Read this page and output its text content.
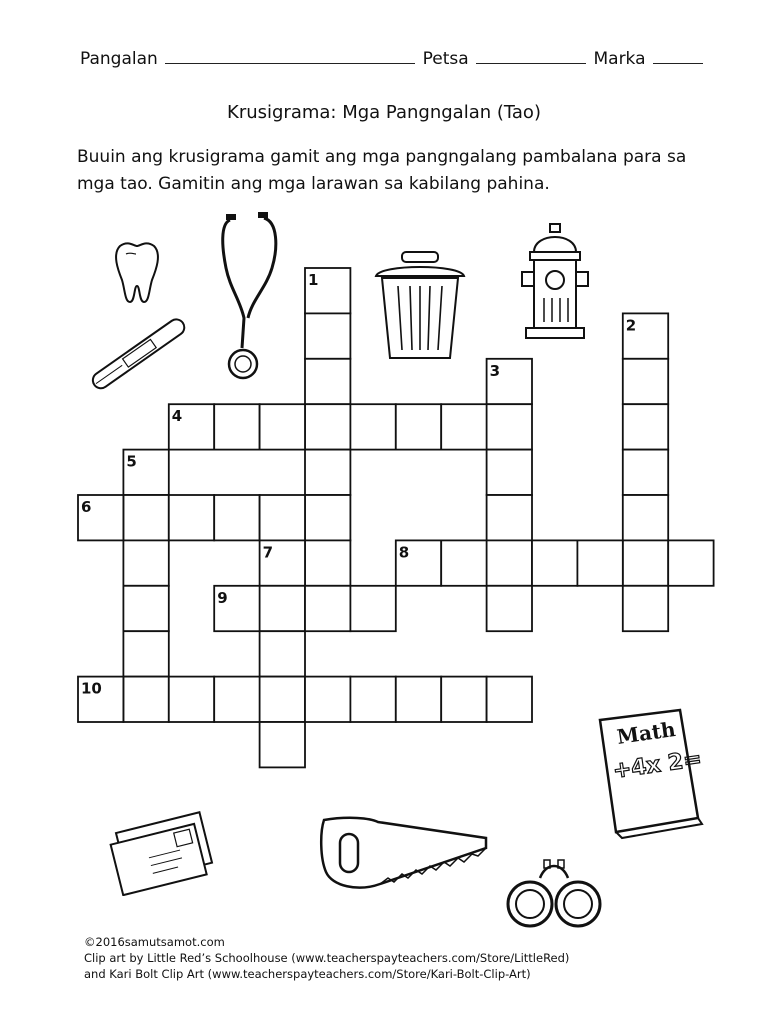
Pangalan	Petsa	Marka
Krusigrama: Mga Pangngalan (Tao)
Buuin ang krusigrama gamit ang mga pangngalang pambalana para sa mga tao. Gamitin ang mga larawan sa kabilang pahina.
1
2
3
4
5
6
7	8
9
10
Math
+4x 2=
©2016samutsamot.com
Clip art by Little Red’s Schoolhouse (www.teacherspayteachers.com/Store/LittleRed)
and Kari Bolt Clip Art (www.teacherspayteachers.com/Store/Kari-Bolt-Clip-Art)
